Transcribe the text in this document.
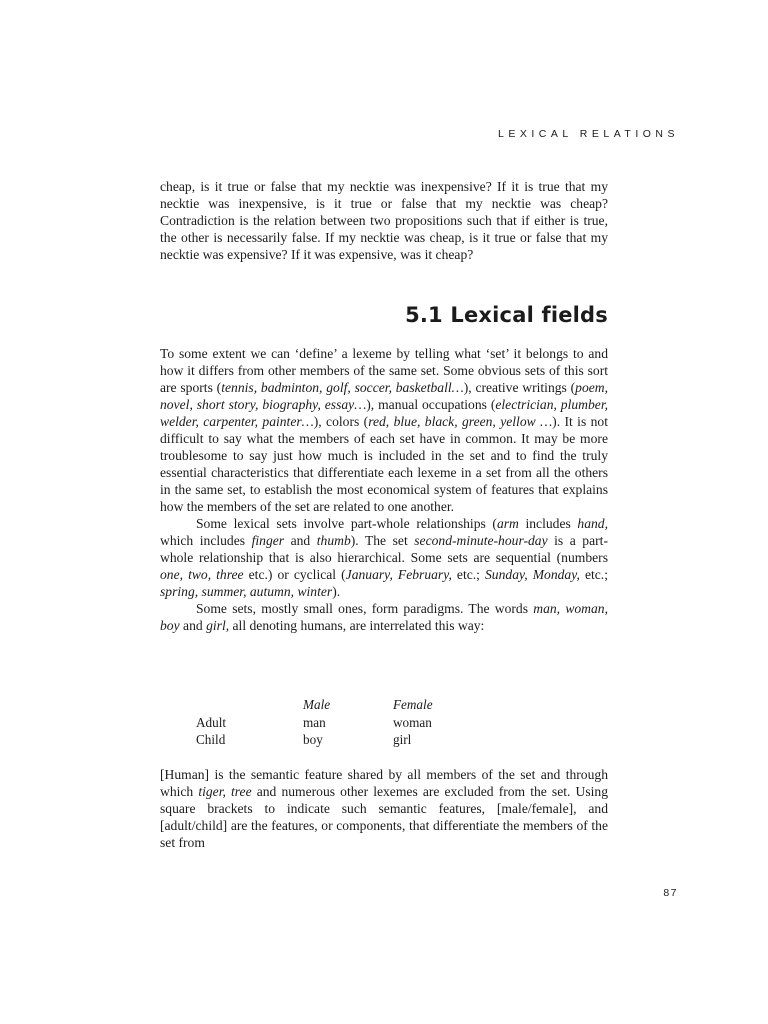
LEXICAL RELATIONS

cheap, is it true or false that my necktie was inexpensive? If it is true that my necktie was inexpensive, is it true or false that my necktie was cheap? Contradiction is the relation between two propositions such that if either is true, the other is necessarily false. If my necktie was cheap, is it true or false that my necktie was expensive? If it was expensive, was it cheap?

5.1 Lexical fields

To some extent we can ‘define’ a lexeme by telling what ‘set’ it belongs to and how it differs from other members of the same set. Some obvious sets of this sort are sports (tennis, badminton, golf, soccer, basketball…), creative writings (poem, novel, short story, biography, essay…), manual occupations (electrician, plumber, welder, carpenter, painter…), colors (red, blue, black, green, yellow …). It is not difficult to say what the members of each set have in common. It may be more troublesome to say just how much is included in the set and to find the truly essential characteristics that differentiate each lexeme in a set from all the others in the same set, to establish the most economical system of features that explains how the members of the set are related to one another.

Some lexical sets involve part-whole relationships (arm includes hand, which includes finger and thumb). The set second-minute-hour-day is a part-whole relationship that is also hierarchical. Some sets are sequential (numbers one, two, three etc.) or cyclical (January, February, etc.; Sunday, Monday, etc.; spring, summer, autumn, winter).

Some sets, mostly small ones, form paradigms. The words man, woman, boy and girl, all denoting humans, are interrelated this way:

	Male	Female
Adult	man	woman
Child	boy	girl

[Human] is the semantic feature shared by all members of the set and through which tiger, tree and numerous other lexemes are excluded from the set. Using square brackets to indicate such semantic features, [male/female], and [adult/child] are the features, or components, that differentiate the members of the set from

87
